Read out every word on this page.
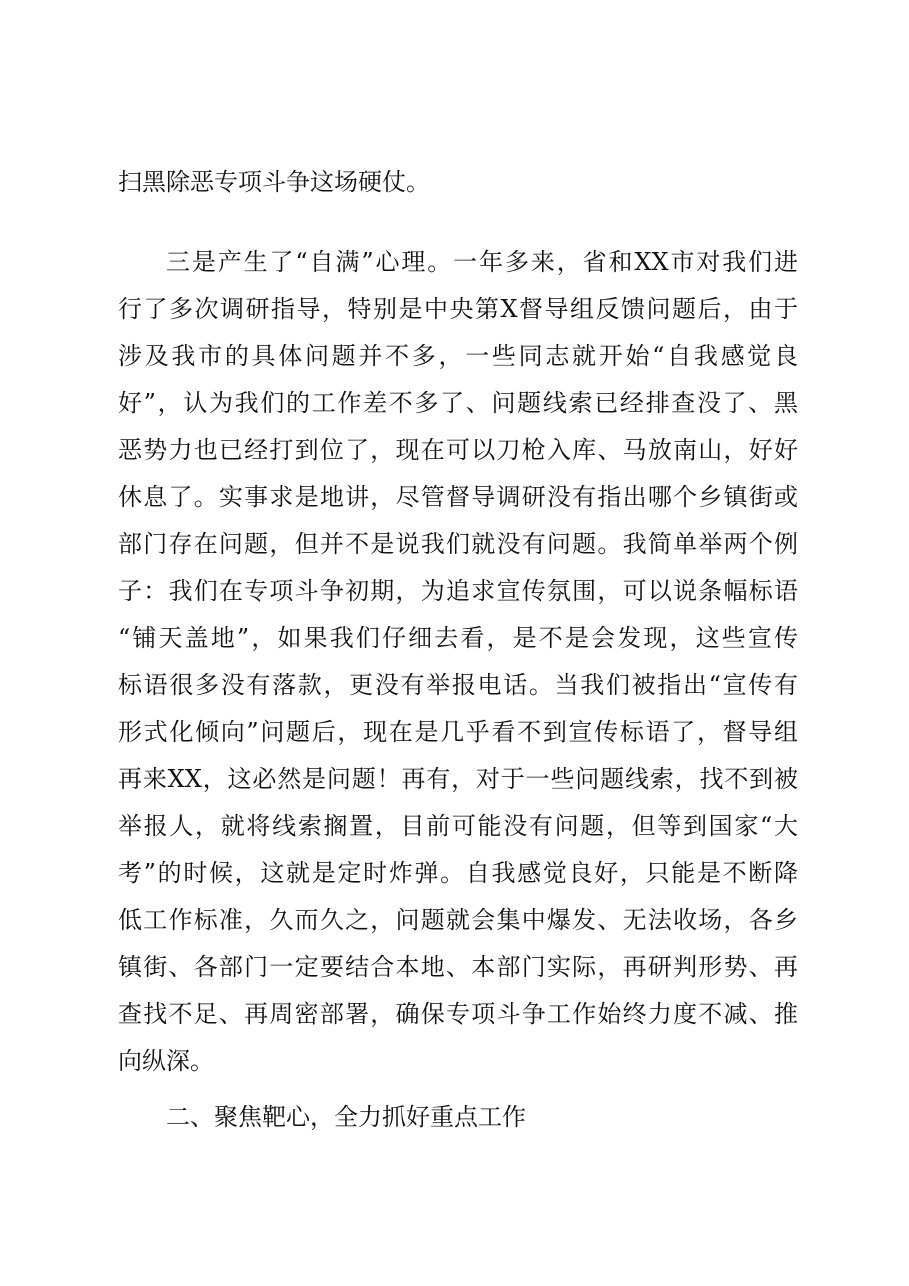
扫黑除恶专项斗争这场硬仗。
三是产生了“自满”心理。一年多来，省和XX市对我们进
行了多次调研指导，特别是中央第X督导组反馈问题后，由于
涉及我市的具体问题并不多，一些同志就开始“自我感觉良
好”，认为我们的工作差不多了、问题线索已经排查没了、黑
恶势力也已经打到位了，现在可以刀枪入库、马放南山，好好
休息了。实事求是地讲，尽管督导调研没有指出哪个乡镇街或
部门存在问题，但并不是说我们就没有问题。我简单举两个例
子：我们在专项斗争初期，为追求宣传氛围，可以说条幅标语
“铺天盖地”，如果我们仔细去看，是不是会发现，这些宣传
标语很多没有落款，更没有举报电话。当我们被指出“宣传有
形式化倾向”问题后，现在是几乎看不到宣传标语了，督导组
再来XX，这必然是问题！再有，对于一些问题线索，找不到被
举报人，就将线索搁置，目前可能没有问题，但等到国家“大
考”的时候，这就是定时炸弹。自我感觉良好，只能是不断降
低工作标准，久而久之，问题就会集中爆发、无法收场，各乡
镇街、各部门一定要结合本地、本部门实际，再研判形势、再
查找不足、再周密部署，确保专项斗争工作始终力度不减、推
向纵深。
二、聚焦靶心，全力抓好重点工作
